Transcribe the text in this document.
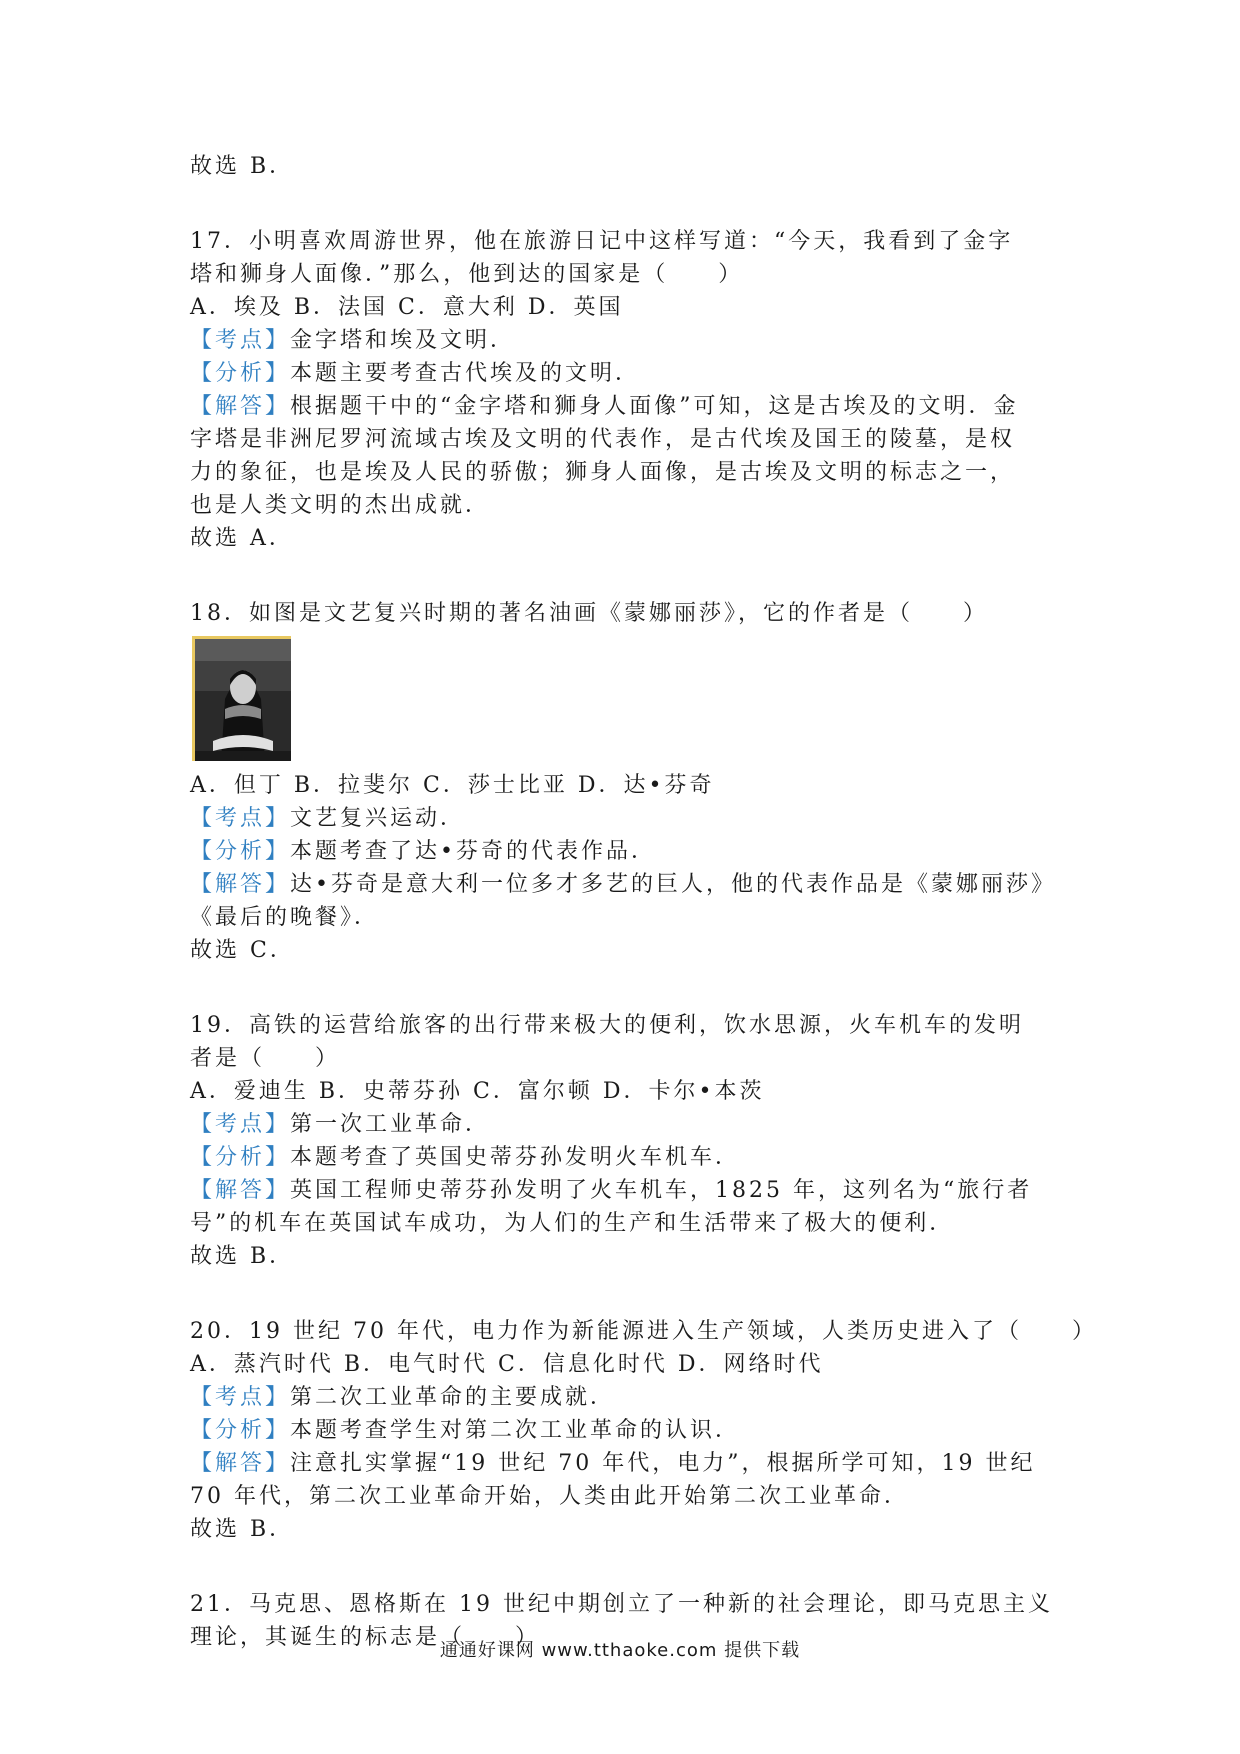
故选 B．
17．小明喜欢周游世界，他在旅游日记中这样写道：“今天，我看到了金字
塔和狮身人面像．”那么，他到达的国家是（　　）
A．埃及 B．法国 C．意大利 D．英国
【考点】金字塔和埃及文明．
【分析】本题主要考查古代埃及的文明．
【解答】根据题干中的“金字塔和狮身人面像”可知，这是古埃及的文明．金
字塔是非洲尼罗河流域古埃及文明的代表作，是古代埃及国王的陵墓，是权
力的象征，也是埃及人民的骄傲；狮身人面像，是古埃及文明的标志之一，
也是人类文明的杰出成就．
故选 A．
18．如图是文艺复兴时期的著名油画《蒙娜丽莎》，它的作者是（　　）
A．但丁 B．拉斐尔 C．莎士比亚 D．达•芬奇
【考点】文艺复兴运动．
【分析】本题考查了达•芬奇的代表作品．
【解答】达•芬奇是意大利一位多才多艺的巨人，他的代表作品是《蒙娜丽莎》
《最后的晚餐》．
故选 C．
19．高铁的运营给旅客的出行带来极大的便利，饮水思源，火车机车的发明
者是（　　）
A．爱迪生 B．史蒂芬孙 C．富尔顿 D．卡尔•本茨
【考点】第一次工业革命．
【分析】本题考查了英国史蒂芬孙发明火车机车．
【解答】英国工程师史蒂芬孙发明了火车机车，1825 年，这列名为“旅行者
号”的机车在英国试车成功，为人们的生产和生活带来了极大的便利．
故选 B．
20．19 世纪 70 年代，电力作为新能源进入生产领域，人类历史进入了（　　）
A．蒸汽时代 B．电气时代 C．信息化时代 D．网络时代
【考点】第二次工业革命的主要成就．
【分析】本题考查学生对第二次工业革命的认识．
【解答】注意扎实掌握“19 世纪 70 年代，电力”，根据所学可知，19 世纪
70 年代，第二次工业革命开始，人类由此开始第二次工业革命．
故选 B．
21．马克思、恩格斯在 19 世纪中期创立了一种新的社会理论，即马克思主义
理论，其诞生的标志是（　　）
通通好课网 www.tthaoke.com 提供下载
